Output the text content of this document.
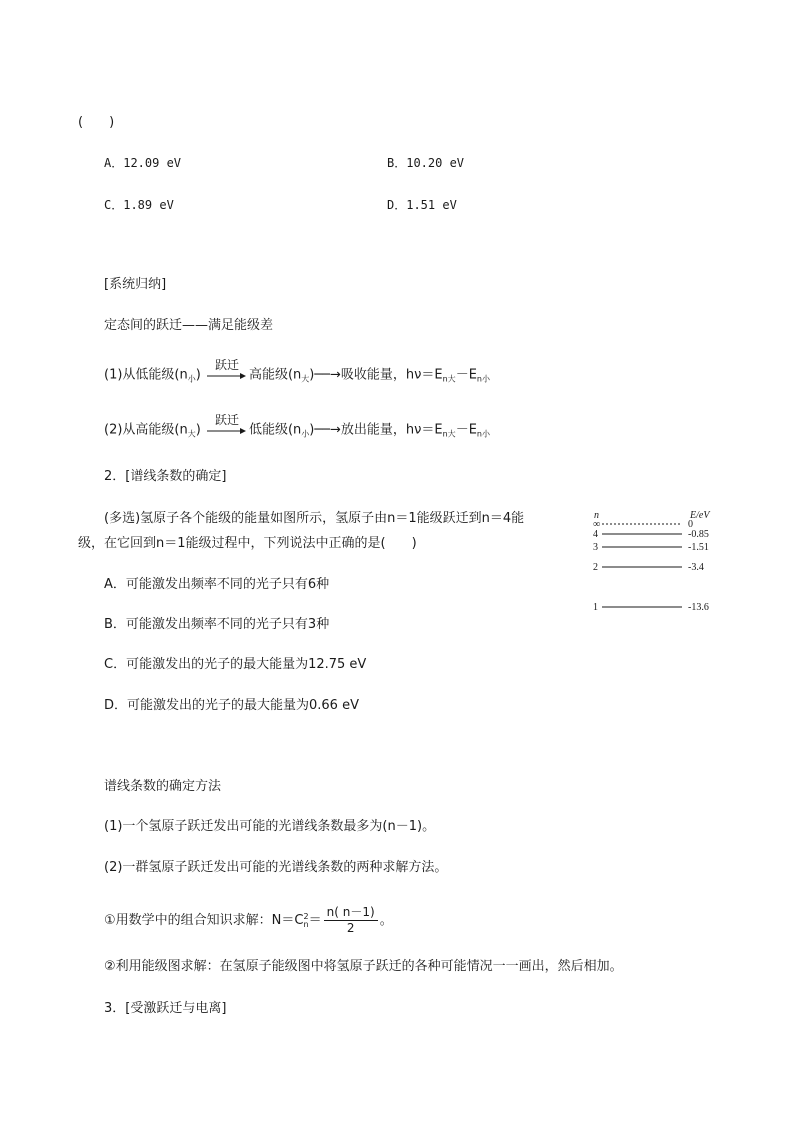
(　　)
A．12.09 eV	B．10.20 eV
C．1.89 eV	D．1.51 eV
[系统归纳]
定态间的跃迁——满足能级差
(1)从低能级$(n_小)$
跃迁
高能级$(n_大)──\to$吸收能量，$h\nu=E_{n大}-E_{n小}$
(2)从高能级$(n_大)$
跃迁
低能级$(n_小)──\to$放出能量，$h\nu=E_{n大}-E_{n小}$
2．[谱线条数的确定]
(多选)氢原子各个能级的能量如图所示，氢原子由n＝1能级跃迁到n＝4能
级，在它回到n＝1能级过程中，下列说法中正确的是(　　)
A．可能激发出频率不同的光子只有6种
B．可能激发出频率不同的光子只有3种
C．可能激发出的光子的最大能量为12.75 eV
D．可能激发出的光子的最大能量为0.66 eV
n	E/eV
∞	0
4	-0.85
3	-1.51
2	-3.4
1	-13.6
谱线条数的确定方法
(1)一个氢原子跃迁发出可能的光谱线条数最多为(n－1)。
(2)一群氢原子跃迁发出可能的光谱线条数的两种求解方法。
①用数学中的组合知识求解：$N=C_n^2= \frac{n( n-1)}{2}$ 。
②利用能级图求解：在氢原子能级图中将氢原子跃迁的各种可能情况一一画出，然后相加。
3．[受激跃迁与电离]
